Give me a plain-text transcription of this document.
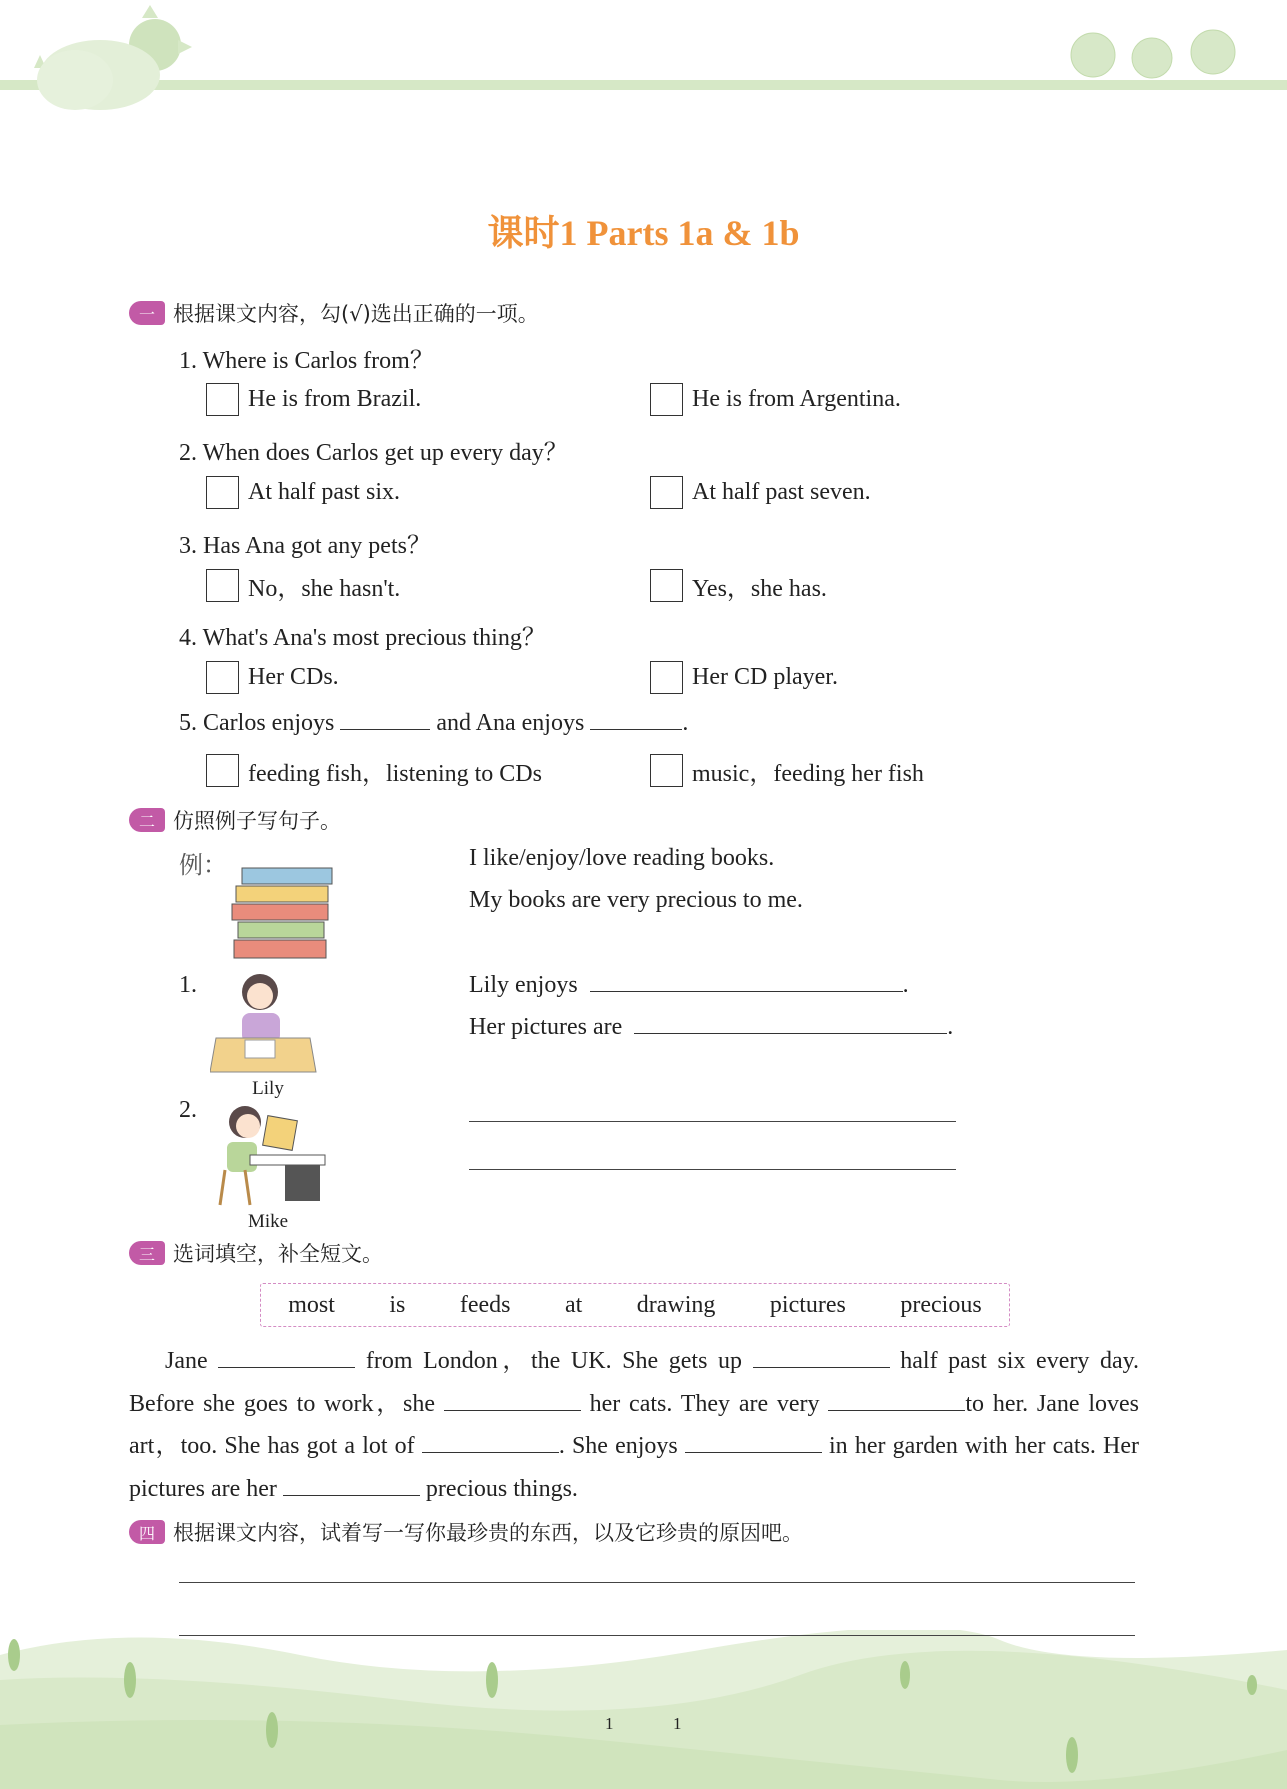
课时1 Parts 1a & 1b
一 根据课文内容，勾(√)选出正确的一项。
1. Where is Carlos from？
He is from Brazil.	He is from Argentina.
2. When does Carlos get up every day？
At half past six.	At half past seven.
3. Has Ana got any pets？
No，she hasn't.	Yes，she has.
4. What's Ana's most precious thing？
Her CDs.	Her CD player.
5. Carlos enjoys	and Ana enjoys	.
feeding fish，listening to CDs	music，feeding her fish
二 仿照例子写句子。
例：	I like/enjoy/love reading books.
My books are very precious to me.
1.
Lily
Lily enjoys	.
Her pictures are	.
2.
Mike
三 选词填空，补全短文。
most is feeds at drawing pictures precious
  Jane	from London，the UK. She gets up	half past six every day. Before she goes to work，she	her cats. They are very	to her. Jane loves art，too. She has got a lot of	. She enjoys	in her garden with her cats. Her pictures are her	precious things.
四 根据课文内容，试着写一写你最珍贵的东西，以及它珍贵的原因吧。
1	1
